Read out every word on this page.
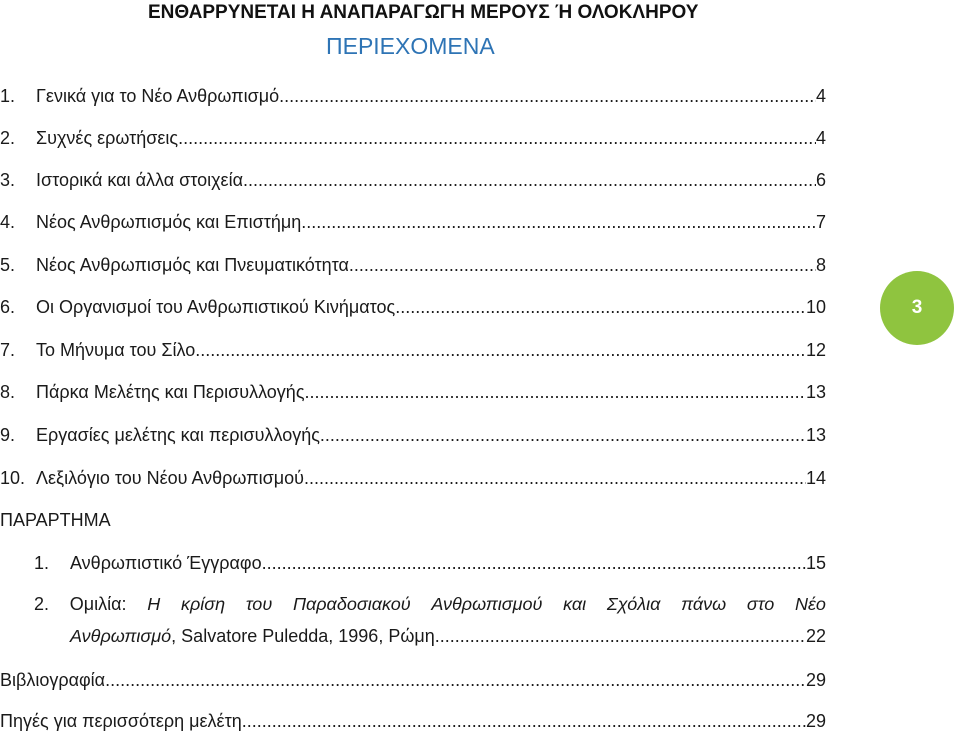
ΕΝΘΑΡΡΥΝΕΤΑΙ Η ΑΝΑΠΑΡΑΓΩΓΗ ΜΕΡΟΥΣ Ή ΟΛΟΚΛΗΡΟΥ
ΠΕΡΙΕΧΟΜΕΝΑ
1.	Γενικά για το Νέο Ανθρωπισμό .....	4
2.	Συχνές ερωτήσεις .....	4
3.	Ιστορικά και άλλα στοιχεία .....	6
4.	Νέος Ανθρωπισμός και Επιστήμη .....	7
5.	Νέος Ανθρωπισμός και Πνευματικότητα .....	8
6.	Οι Οργανισμοί του Ανθρωπιστικού Κινήματος .....	10
7.	Το Μήνυμα του Σίλο .....	12
8.	Πάρκα Μελέτης και Περισυλλογής .....	13
9.	Εργασίες μελέτης και περισυλλογής .....	13
10. Λεξιλόγιο του Νέου Ανθρωπισμού .....	14
ΠΑΡΑΡΤΗΜΑ
1.	Ανθρωπιστικό Έγγραφο .....	15
2. Ομιλία: Η κρίση του Παραδοσιακού Ανθρωπισμού και Σχόλια πάνω στο Νέο
Ανθρωπισμό , Salvatore Puledda, 1996, Ρώμη .....	22
Βιβλιογραφία .....	29
Πηγές για περισσότερη μελέτη .....	29
3
